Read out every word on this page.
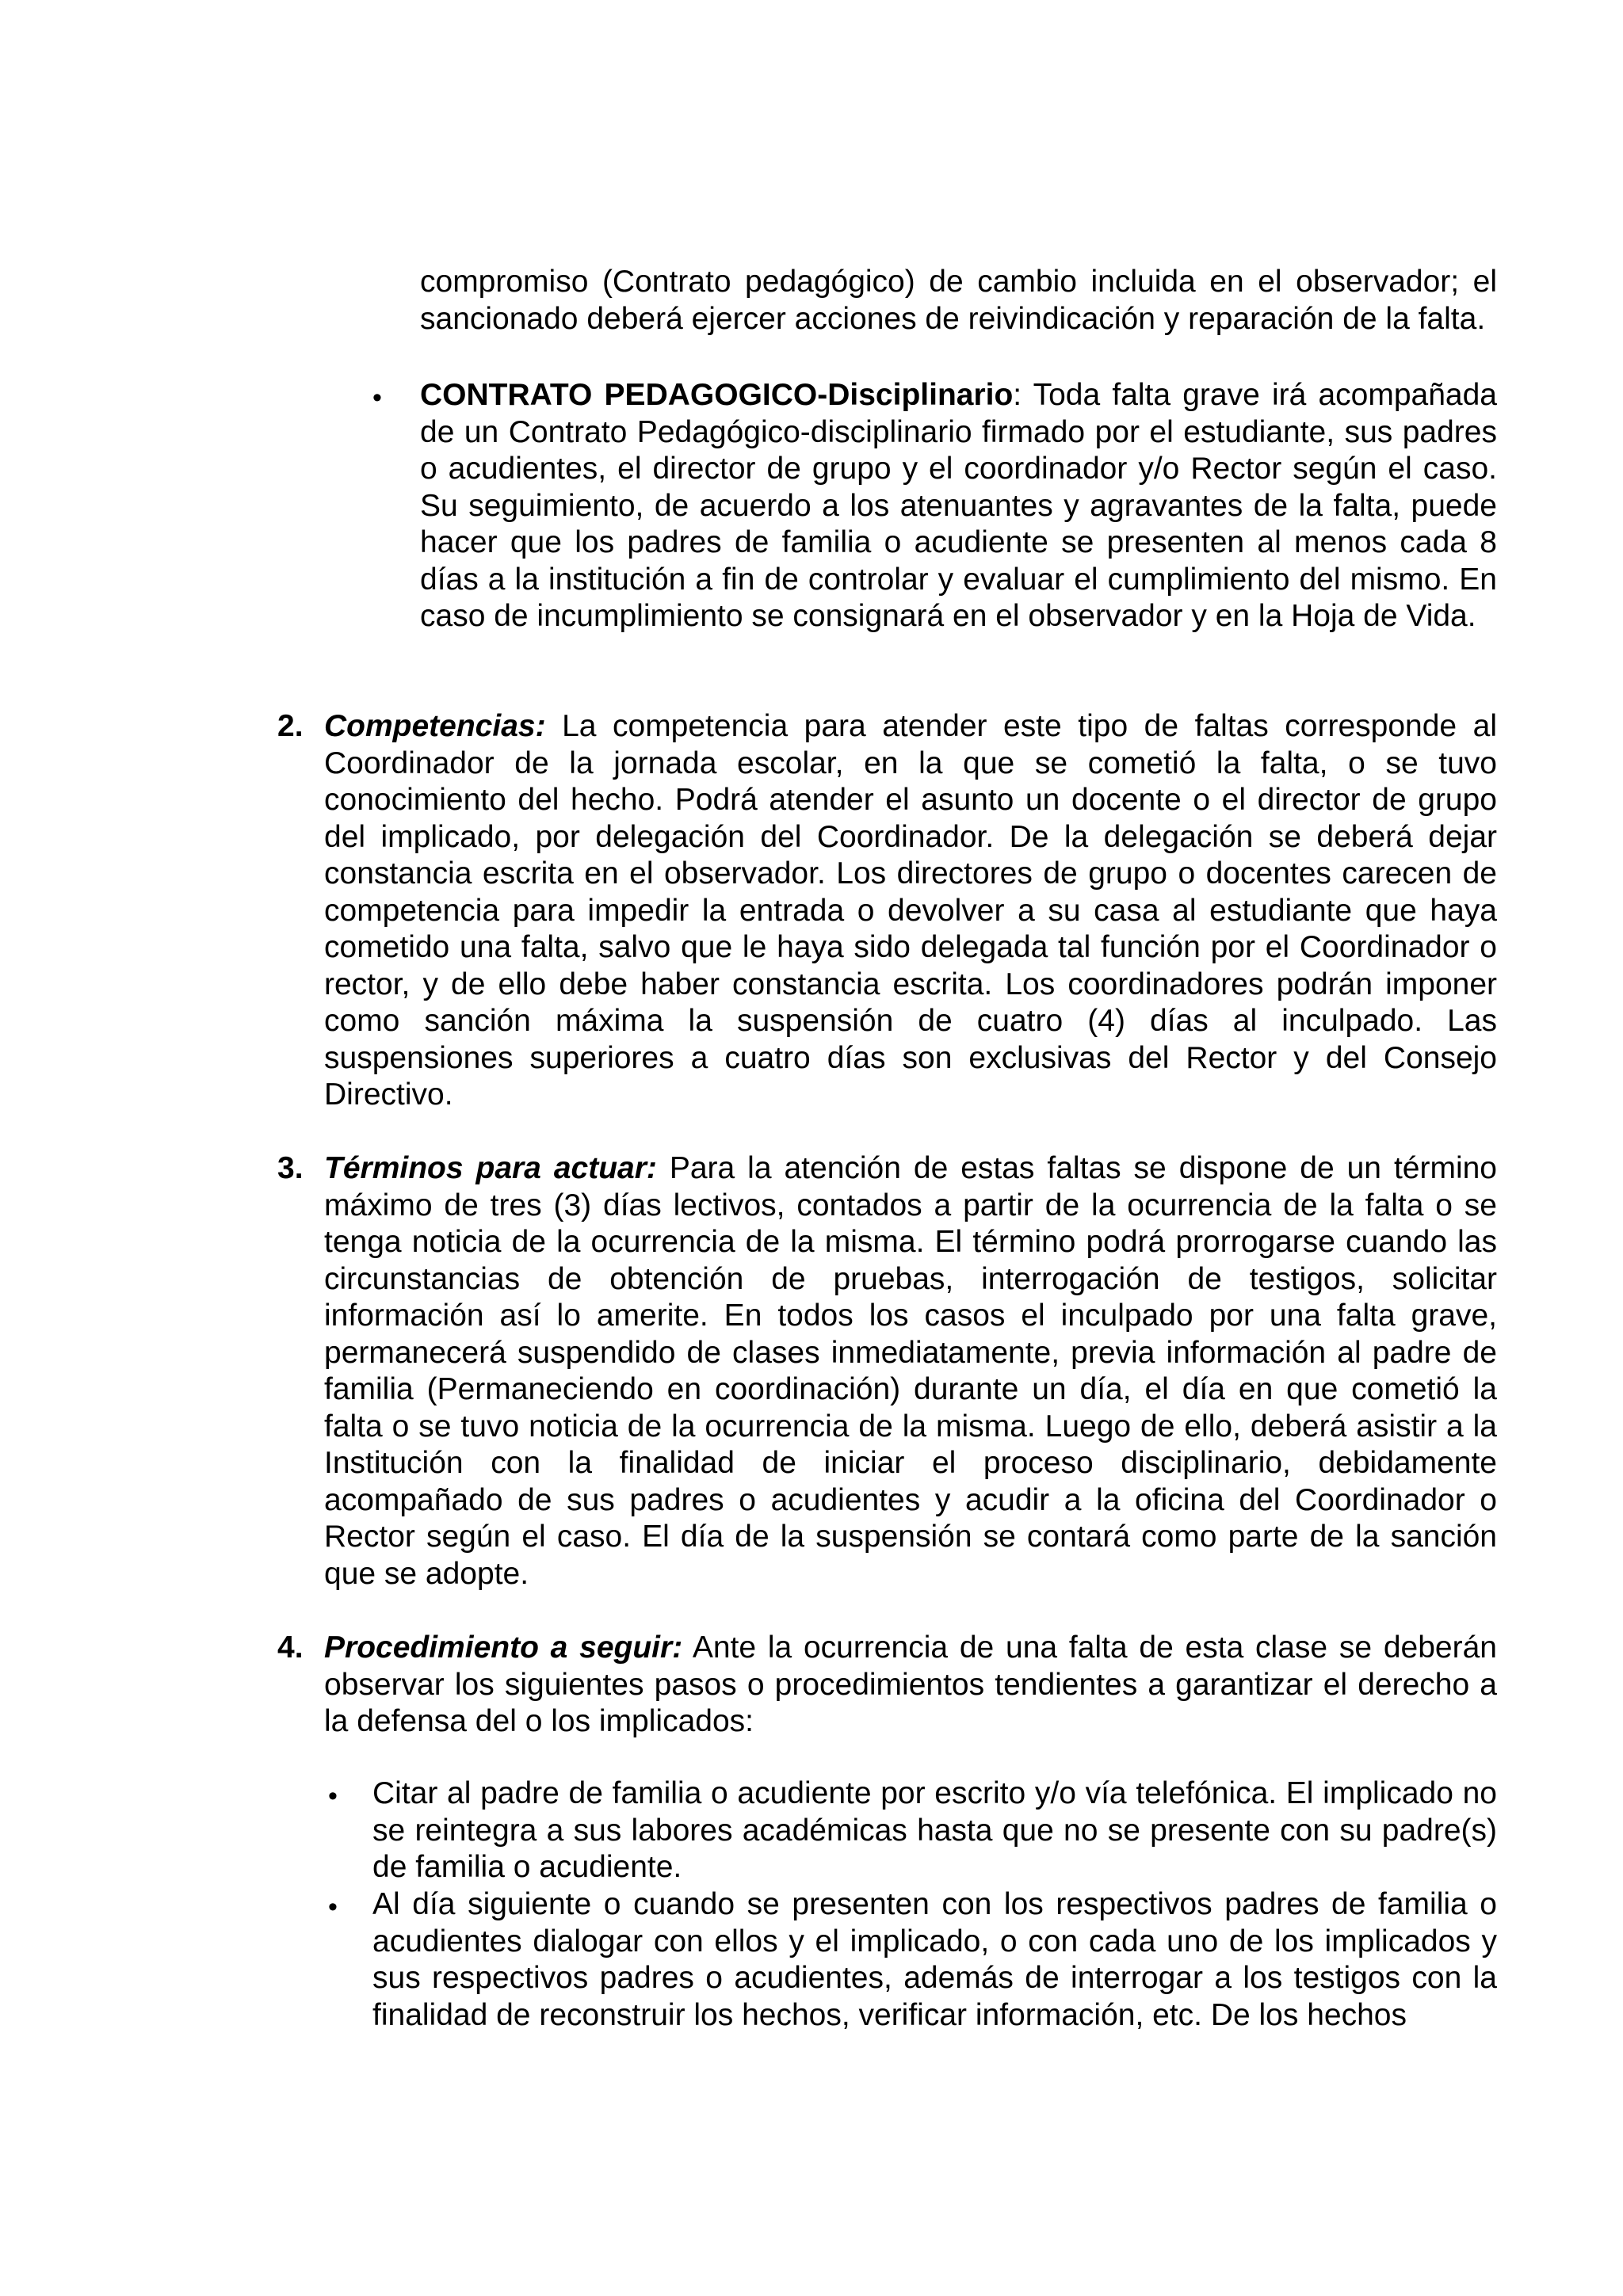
compromiso (Contrato pedagógico) de cambio incluida en el observador; el sancionado deberá ejercer acciones de reivindicación y reparación de la falta.

• CONTRATO PEDAGOGICO-Disciplinario: Toda falta grave irá acompañada de un Contrato Pedagógico-disciplinario firmado por el estudiante, sus padres o acudientes, el director de grupo y el coordinador y/o Rector según el caso. Su seguimiento, de acuerdo a los atenuantes y agravantes de la falta, puede hacer que los padres de familia o acudiente se presenten al menos cada 8 días a la institución a fin de controlar y evaluar el cumplimiento del mismo. En caso de incumplimiento se consignará en el observador y en la Hoja de Vida.

2. Competencias: La competencia para atender este tipo de faltas corresponde al Coordinador de la jornada escolar, en la que se cometió la falta, o se tuvo conocimiento del hecho. Podrá atender el asunto un docente o el director de grupo del implicado, por delegación del Coordinador. De la delegación se deberá dejar constancia escrita en el observador. Los directores de grupo o docentes carecen de competencia para impedir la entrada o devolver a su casa al estudiante que haya cometido una falta, salvo que le haya sido delegada tal función por el Coordinador o rector, y de ello debe haber constancia escrita. Los coordinadores podrán imponer como sanción máxima la suspensión de cuatro (4) días al inculpado. Las suspensiones superiores a cuatro días son exclusivas del Rector y del Consejo Directivo.

3. Términos para actuar: Para la atención de estas faltas se dispone de un término máximo de tres (3) días lectivos, contados a partir de la ocurrencia de la falta o se tenga noticia de la ocurrencia de la misma. El término podrá prorrogarse cuando las circunstancias de obtención de pruebas, interrogación de testigos, solicitar información así lo amerite. En todos los casos el inculpado por una falta grave, permanecerá suspendido de clases inmediatamente, previa información al padre de familia (Permaneciendo en coordinación) durante un día, el día en que cometió la falta o se tuvo noticia de la ocurrencia de la misma. Luego de ello, deberá asistir a la Institución con la finalidad de iniciar el proceso disciplinario, debidamente acompañado de sus padres o acudientes y acudir a la oficina del Coordinador o Rector según el caso. El día de la suspensión se contará como parte de la sanción que se adopte.

4. Procedimiento a seguir: Ante la ocurrencia de una falta de esta clase se deberán observar los siguientes pasos o procedimientos tendientes a garantizar el derecho a la defensa del o los implicados:

• Citar al padre de familia o acudiente por escrito y/o vía telefónica. El implicado no se reintegra a sus labores académicas hasta que no se presente con su padre(s) de familia o acudiente.

• Al día siguiente o cuando se presenten con los respectivos padres de familia o acudientes dialogar con ellos y el implicado, o con cada uno de los implicados y sus respectivos padres o acudientes, además de interrogar a los testigos con la finalidad de reconstruir los hechos, verificar información, etc. De los hechos
